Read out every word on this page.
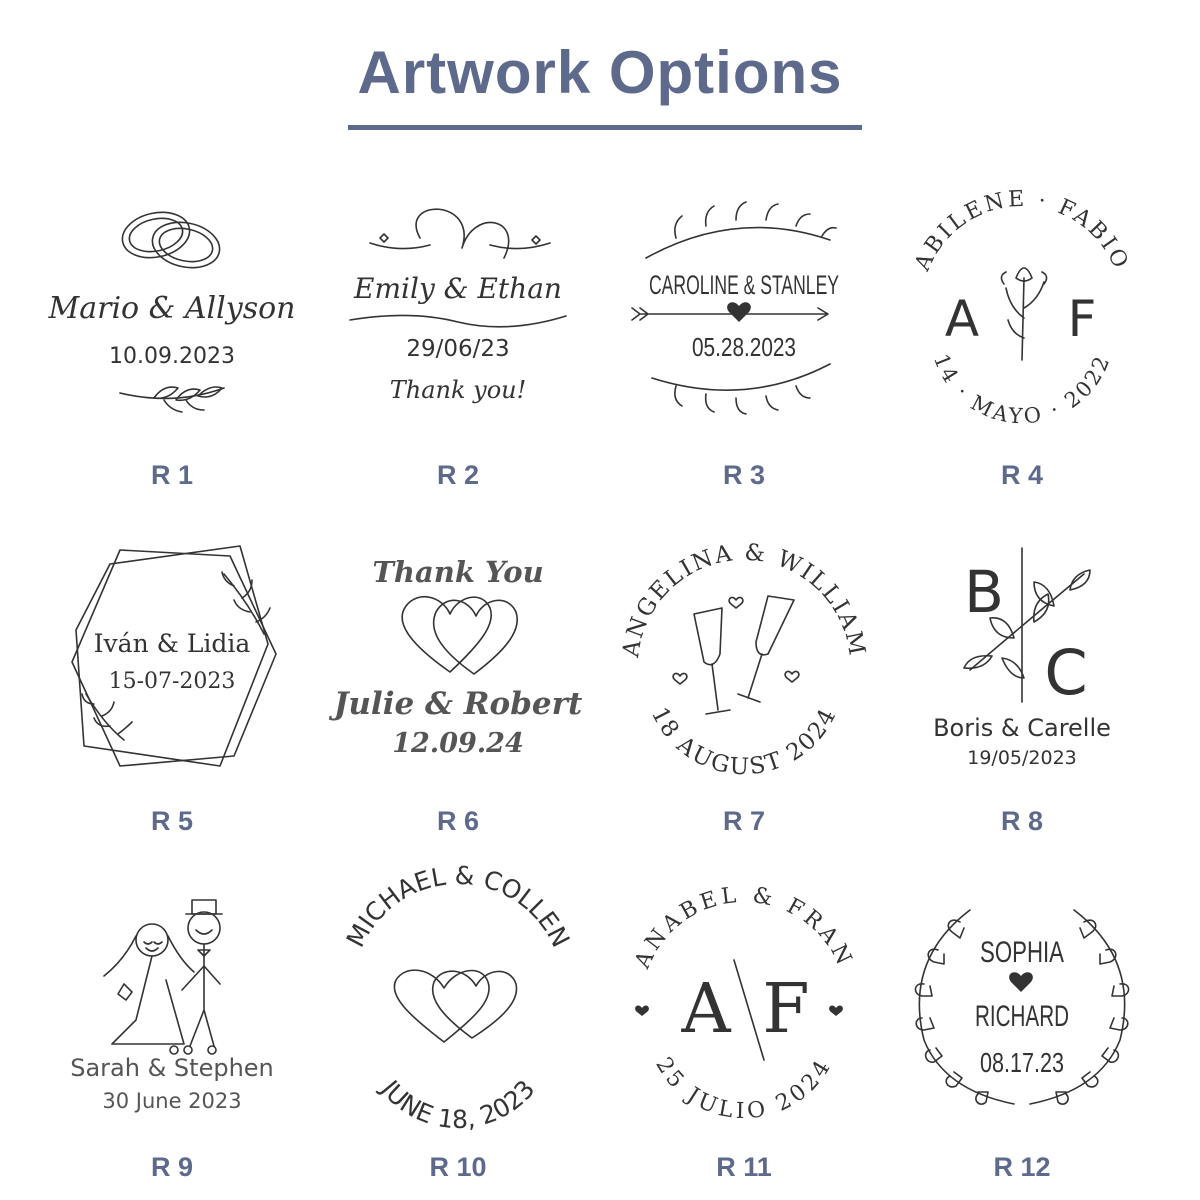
Artwork Options
Mario & Allyson
10.09.2023
R 1
Emily & Ethan
29/06/23
Thank you!
R 2
CAROLINE & STANLEY
05.28.2023
R 3
ABILENE · FABIO
A F
14 · MAYO · 2022
R 4
Iván & Lidia
15-07-2023
R 5
Thank You
Julie & Robert
12.09.24
R 6
ANGELINA & WILLIAM
18 AUGUST 2024
R 7
B
C
Boris & Carelle
19/05/2023
R 8
Sarah & Stephen
30 June 2023
R 9
MICHAEL & COLLEN
JUNE 18, 2023
R 10
ANABEL & FRAN
A F
25 JULIO 2024
R 11
SOPHIA
RICHARD
08.17.23
R 12
